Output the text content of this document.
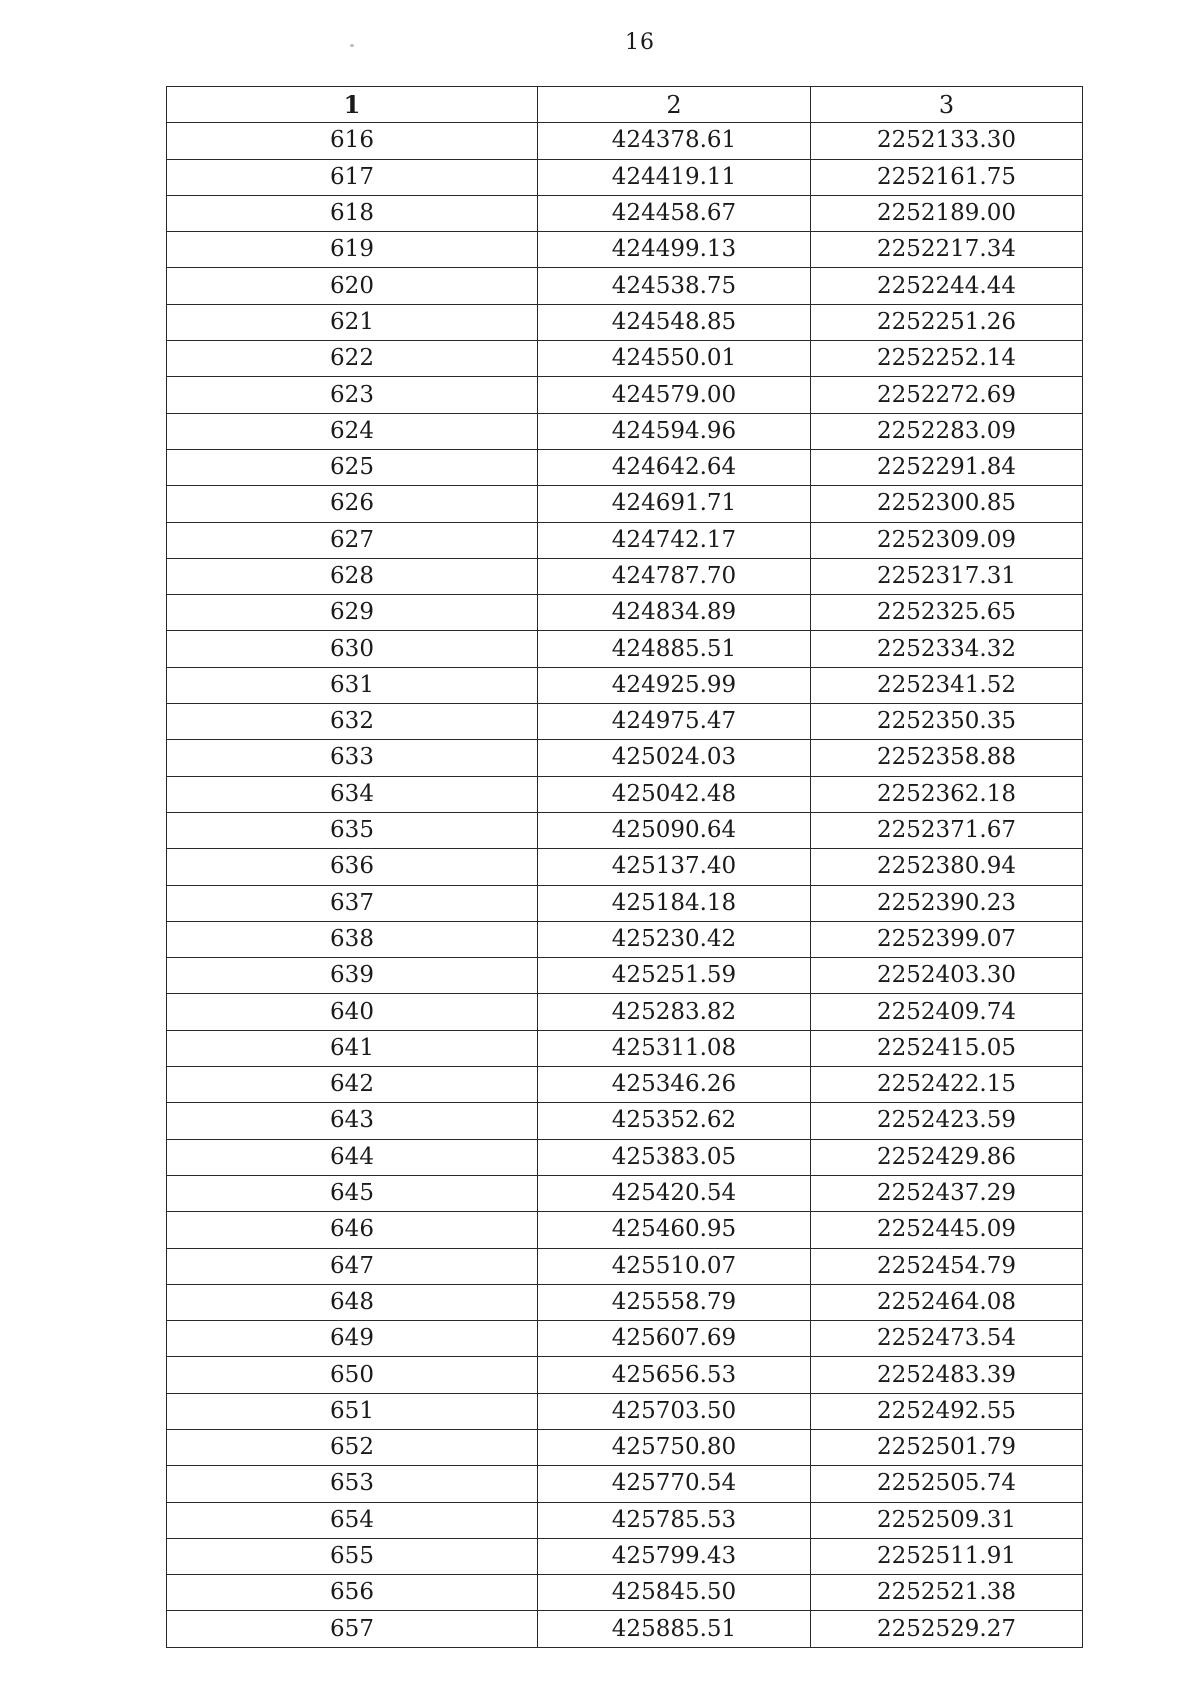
16
1	2	3
616	424378.61	2252133.30
617	424419.11	2252161.75
618	424458.67	2252189.00
619	424499.13	2252217.34
620	424538.75	2252244.44
621	424548.85	2252251.26
622	424550.01	2252252.14
623	424579.00	2252272.69
624	424594.96	2252283.09
625	424642.64	2252291.84
626	424691.71	2252300.85
627	424742.17	2252309.09
628	424787.70	2252317.31
629	424834.89	2252325.65
630	424885.51	2252334.32
631	424925.99	2252341.52
632	424975.47	2252350.35
633	425024.03	2252358.88
634	425042.48	2252362.18
635	425090.64	2252371.67
636	425137.40	2252380.94
637	425184.18	2252390.23
638	425230.42	2252399.07
639	425251.59	2252403.30
640	425283.82	2252409.74
641	425311.08	2252415.05
642	425346.26	2252422.15
643	425352.62	2252423.59
644	425383.05	2252429.86
645	425420.54	2252437.29
646	425460.95	2252445.09
647	425510.07	2252454.79
648	425558.79	2252464.08
649	425607.69	2252473.54
650	425656.53	2252483.39
651	425703.50	2252492.55
652	425750.80	2252501.79
653	425770.54	2252505.74
654	425785.53	2252509.31
655	425799.43	2252511.91
656	425845.50	2252521.38
657	425885.51	2252529.27
